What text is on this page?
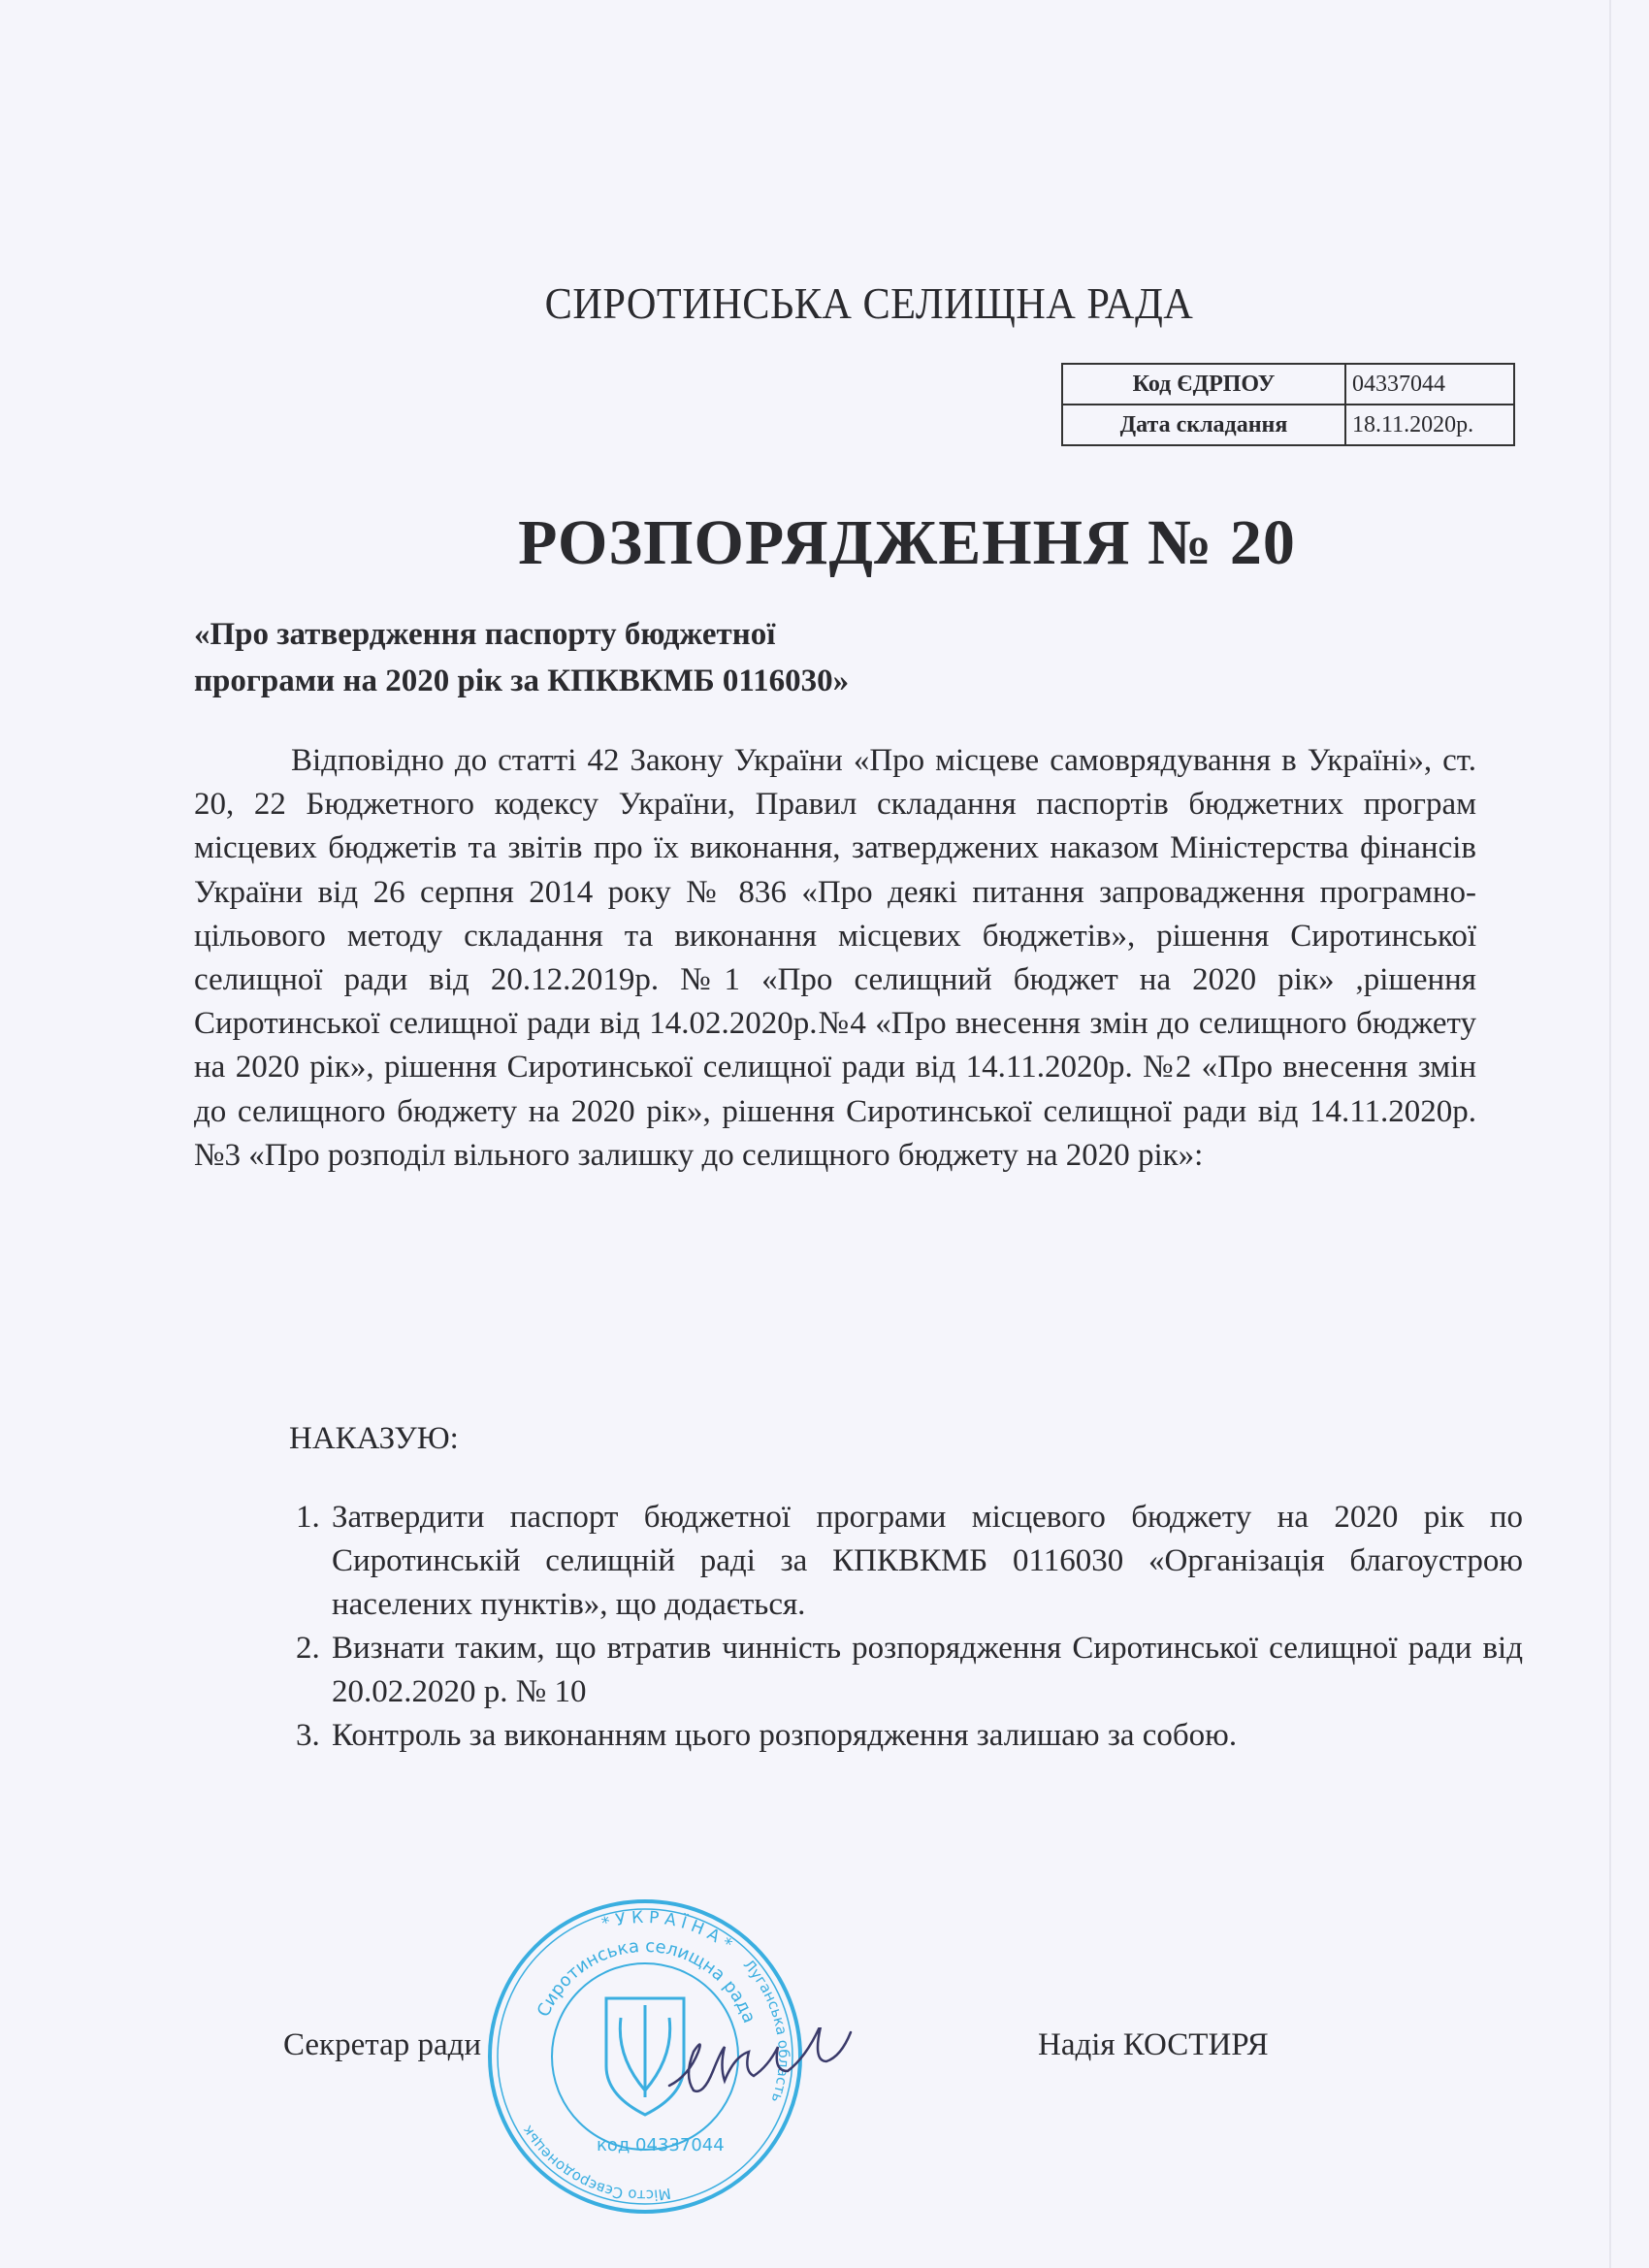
СИРОТИНСЬКА СЕЛИЩНА РАДА
Код ЄДРПОУ	04337044
Дата складання	18.11.2020р.
РОЗПОРЯДЖЕННЯ № 20
«Про затвердження паспорту бюджетної
програми на 2020 рік за КПКВКМБ 0116030»
Відповідно до статті 42 Закону України «Про місцеве самоврядування в Україні», ст. 20, 22 Бюджетного кодексу України, Правил складання паспортів бюджетних програм місцевих бюджетів та звітів про їх виконання, затверджених наказом Міністерства фінансів України від 26 серпня 2014 року № 836 «Про деякі питання запровадження програмно-цільового методу складання та виконання місцевих бюджетів», рішення Сиротинської селищної ради від 20.12.2019р. №1 «Про селищний бюджет на 2020 рік» ,рішення Сиротинської селищної ради від 14.02.2020р.№4 «Про внесення змін до селищного бюджету на 2020 рік», рішення Сиротинської селищної ради від 14.11.2020р. №2 «Про внесення змін до селищного бюджету на 2020 рік», рішення Сиротинської селищної ради від 14.11.2020р. №3 «Про розподіл вільного залишку до селищного бюджету на 2020 рік»:
НАКАЗУЮ:
1. Затвердити паспорт бюджетної програми місцевого бюджету на 2020 рік по Сиротинській селищній раді за КПКВКМБ 0116030 «Організація благоустрою населених пунктів», що додається.
2. Визнати таким, що втратив чинність розпорядження Сиротинської селищної ради від 20.02.2020 р. № 10
3. Контроль за виконанням цього розпорядження залишаю за собою.
Секретар ради
* У К Р А Ї Н А *
Сиротинська селищна рада
Місто Сєвєродонецьк
Луганська область
код 04337044
Надія КОСТИРЯ
